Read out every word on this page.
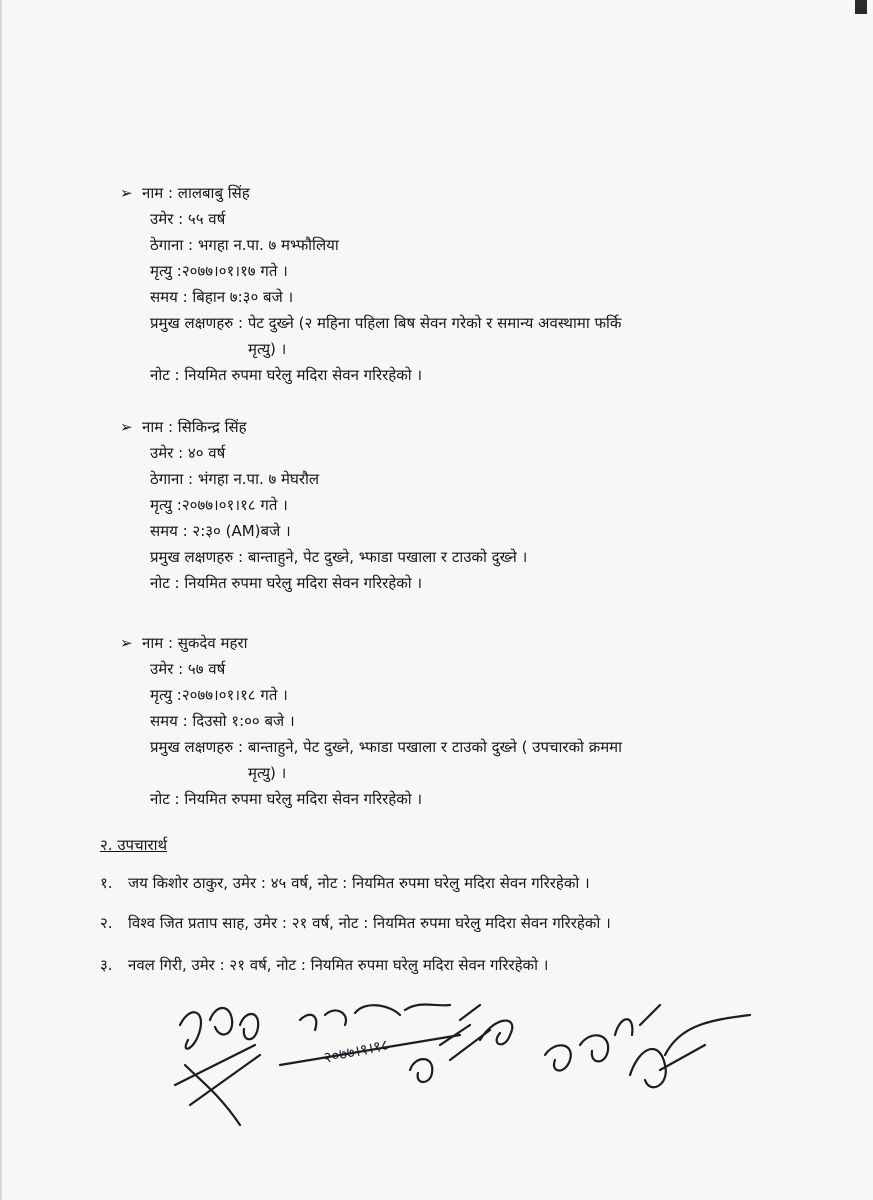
➢ नाम : लालबाबु सिंह
उमेर : ५५ वर्ष
ठेगाना : भगहा न.पा. ७ मभ्फौलिया
मृत्यु :२०७७।०१।१७ गते ।
समय : बिहान ७:३० बजे ।
प्रमुख लक्षणहरु : पेट दुख्ने (२ महिना पहिला बिष सेवन गरेको र समान्य अवस्थामा फर्कि
मृत्यु) ।
नोट : नियमित रुपमा घरेलु मदिरा सेवन गरिरहेको ।
➢ नाम : सिकिन्द्र सिंह
उमेर : ४० वर्ष
ठेगाना : भंगहा न.पा. ७ मेघरौल
मृत्यु :२०७७।०१।१८ गते ।
समय : २:३० (AM)बजे ।
प्रमुख लक्षणहरु : बान्ताहुने, पेट दुख्ने, भ्फाडा पखाला र टाउको दुख्ने ।
नोट : नियमित रुपमा घरेलु मदिरा सेवन गरिरहेको ।
➢ नाम : सुकदेव महरा
उमेर : ५७ वर्ष
मृत्यु :२०७७।०१।१८ गते ।
समय : दिउसो १:०० बजे ।
प्रमुख लक्षणहरु : बान्ताहुने, पेट दुख्ने, भ्फाडा पखाला र टाउको दुख्ने ( उपचारको क्रममा
मृत्यु) ।
नोट : नियमित रुपमा घरेलु मदिरा सेवन गरिरहेको ।
२. उपचारार्थ
१. जय किशोर ठाकुर, उमेर : ४५ वर्ष, नोट : नियमित रुपमा घरेलु मदिरा सेवन गरिरहेको ।
२. विश्व जित प्रताप साह, उमेर : २१ वर्ष, नोट : नियमित रुपमा घरेलु मदिरा सेवन गरिरहेको ।
३. नवल गिरी, उमेर : २१ वर्ष, नोट : नियमित रुपमा घरेलु मदिरा सेवन गरिरहेको ।
२०७७।१।१८
